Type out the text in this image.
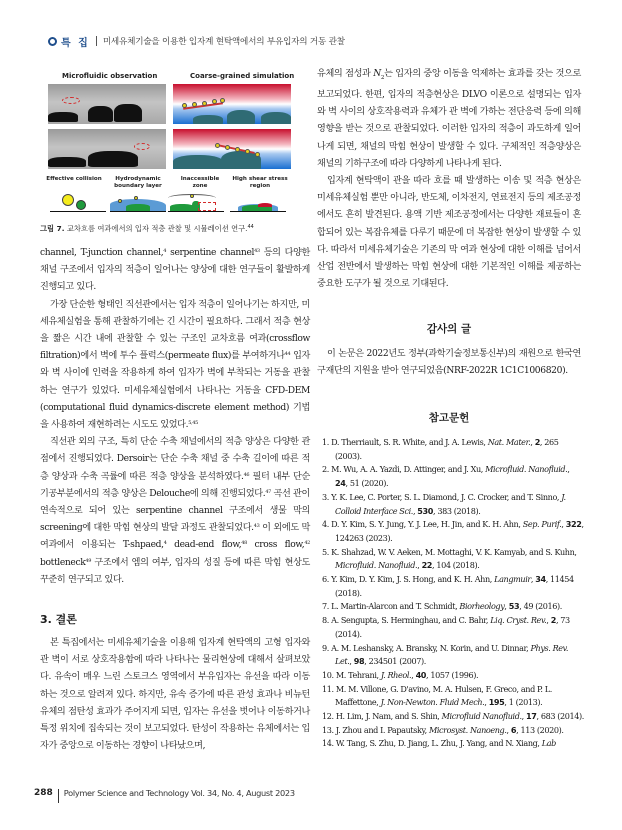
특 집 미세유체기술을 이용한 입자계 현탁액에서의 부유입자의 거동 관찰
Microfluidic observation	Coarse-grained simulation
Effective collision	Hydrodynamic boundary layer
Inaccessible zone
High shear stress region
그림 7. 교차흐름 여과에서의 입자 적층 관찰 및 시뮬레이션 연구.$^{44}$

channel, T-junction channel,$^4$ serpentine channel$^{43}$ 등의 다양한 채널 구조에서 입자의 적층이 일어나는 양상에 대한 연구들이 활발하게 진행되고 있다.

가장 단순한 형태인 직선관에서는 입자 적층이 일어나기는 하지만, 미세유체실험을 통해 관찰하기에는 긴 시간이 필요하다. 그래서 적층 현상을 짧은 시간 내에 관찰할 수 있는 구조인 교차흐름 여과(crossflow filtration)에서 벽에 투수 플럭스(permeate flux)를 부여하거나$^{44}$ 입자와 벽 사이에 인력을 작용하게 하여 입자가 벽에 부착되는 거동을 관찰하는 연구가 있었다. 미세유체실험에서 나타나는 거동을 CFD-DEM (computational fluid dynamics-discrete element method) 기법을 사용하여 재현하려는 시도도 있었다.$^{5,45}$

직선관 외의 구조, 특히 단순 수축 채널에서의 적층 양상은 다양한 관점에서 진행되었다. Dersoir는 단순 수축 채널 중 수축 길이에 따른 적층 양상과 수축 곡률에 따른 적층 양상을 분석하였다.$^{46}$ 필터 내부 단순 기공부분에서의 적층 양상은 Delouche에 의해 진행되었다.$^{47}$ 곡선 관이 연속적으로 되어 있는 serpentine channel 구조에서 생물 막의 screening에 대한 막힘 현상의 발달 과정도 관찰되었다.$^{43}$ 이 외에도 막 여과에서 이용되는 T-shpaed,$^4$ dead-end flow,$^{48}$ cross flow,$^{42}$ bottleneck$^{49}$ 구조에서 엠의 여부, 입자의 성질 등에 따른 막힘 현상도 꾸준히 연구되고 있다.

3. 결론

본 특집에서는 미세유체기술을 이용해 입자계 현탁액의 고형 입자와 관 벽이 서로 상호작용함에 따라 나타나는 물리현상에 대해서 살펴보았다. 유속이 매우 느린 스토크스 영역에서 부유입자는 유선을 따라 이동하는 것으로 알려져 있다. 하지만, 유속 증가에 따른 관성 효과나 비뉴턴유체의 점탄성 효과가 주어지게 되면, 입자는 유선을 벗어나 이동하거나 특정 위치에 집속되는 것이 보고되었다. 탄성이 작용하는 유체에서는 입자가 중앙으로 이동하는 경향이 나타났으며,

유체의 점성과 $N_2$는 입자의 중앙 이동을 억제하는 효과를 갖는 것으로 보고되었다. 한편, 입자의 적층현상은 DLVO 이론으로 설명되는 입자와 벽 사이의 상호작용력과 유체가 관 벽에 가하는 전단응력 등에 의해 영향을 받는 것으로 관찰되었다. 이러한 입자의 적층이 과도하게 일어나게 되면, 채널의 막힘 현상이 발생할 수 있다. 구체적인 적층양상은 채널의 기하구조에 따라 다양하게 나타나게 된다.

입자계 현탁액이 관을 따라 흐를 때 발생하는 이송 및 적층 현상은 미세유체실험 뿐만 아니라, 반도체, 이차전지, 연료전지 등의 제조공정에서도 흔히 발견된다. 용액 기반 제조공정에서는 다양한 재료들이 혼합되어 있는 복잡유체를 다루기 때문에 더 복잡한 현상이 발생할 수 있다. 따라서 미세유체기술은 기존의 막 여과 현상에 대한 이해를 넘어서 산업 전반에서 발생하는 막힘 현상에 대한 기본적인 이해를 제공하는 중요한 도구가 될 것으로 기대된다.

감사의 글

이 논문은 2022년도 정부(과학기술정보통신부)의 재원으로 한국연구재단의 지원을 받아 연구되었음(NRF-2022R 1C1C1006820).

참고문헌
1. D. Therriault, S. R. White, and J. A. Lewis, Nat. Mater., 2, 265 (2003).
2. M. Wu, A. A. Yazdi, D. Attinger, and J. Xu, Microfluid. Nanofluid., 24, 51 (2020).
3. Y. K. Lee, C. Porter, S. L. Diamond, J. C. Crocker, and T. Sinno, J. Colloid Interface Sci., 530, 383 (2018).
4. D. Y. Kim, S. Y. Jung, Y. J. Lee, H. Jin, and K. H. Ahn, Sep. Purif., 322, 124263 (2023).
5. K. Shahzad, W. V. Aeken, M. Mottaghi, V. K. Kamyab, and S. Kuhn, Microfluid. Nanofluid., 22, 104 (2018).
6. Y. Kim, D. Y. Kim, J. S. Hong, and K. H. Ahn, Langmuir, 34, 11454 (2018).
7. L. Martin-Alarcon and T. Schmidt, Biorheology, 53, 49 (2016).
8. A. Sengupta, S. Herminghau, and C. Bahr, Liq. Cryst. Rev., 2, 73 (2014).
9. A. M. Leshansky, A. Bransky, N. Korin, and U. Dinnar, Phys. Rev. Let., 98, 234501 (2007).
10. M. Tehrani, J. Rheol., 40, 1057 (1996).
11. M. M. Villone, G. D'avino, M. A. Hulsen, F. Greco, and P. L. Maffettone, J. Non-Newton. Fluid Mech., 195, 1 (2013).
12. H. Lim, J. Nam, and S. Shin, Microfluid Nanofluid., 17, 683 (2014).
13. J. Zhou and I. Papautsky, Microsyst. Nanoeng., 6, 113 (2020).
14. W. Tang, S. Zhu, D. Jiang, L. Zhu, J. Yang, and N. Xiang, Lab
288 Polymer Science and Technology Vol. 34, No. 4, August 2023
